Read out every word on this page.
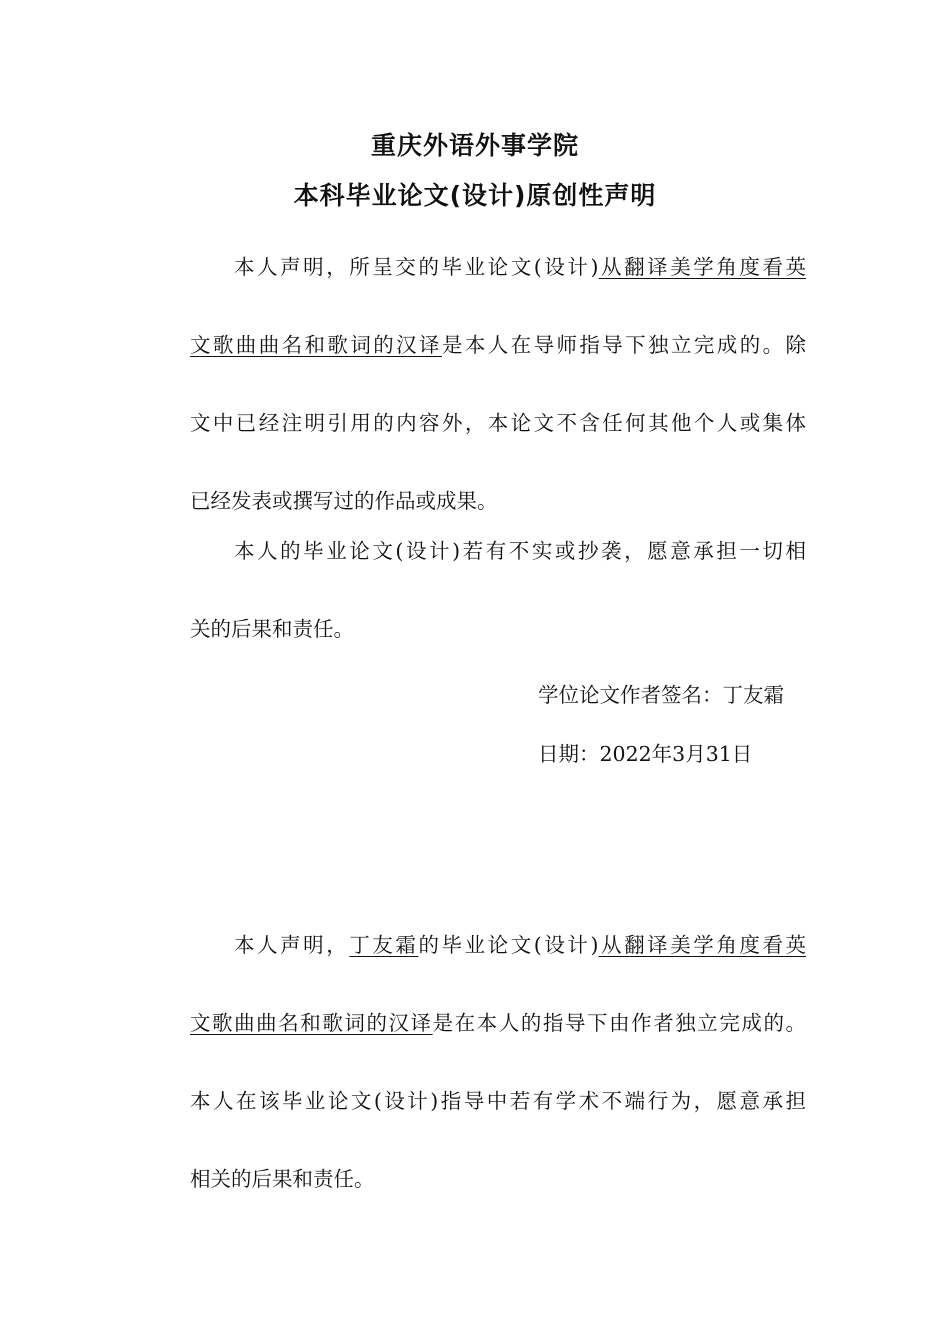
重庆外语外事学院
本科毕业论文(设计)原创性声明
本人声明，所呈交的毕业论文(设计)从翻译美学角度看英
文歌曲曲名和歌词的汉译是本人在导师指导下独立完成的。除
文中已经注明引用的内容外，本论文不含任何其他个人或集体
已经发表或撰写过的作品或成果。
本人的毕业论文(设计)若有不实或抄袭，愿意承担一切相
关的后果和责任。
学位论文作者签名：丁友霜
日期：2022年3月31日
本人声明，丁友霜的毕业论文(设计)从翻译美学角度看英
文歌曲曲名和歌词的汉译是在本人的指导下由作者独立完成的。
本人在该毕业论文(设计)指导中若有学术不端行为，愿意承担
相关的后果和责任。
